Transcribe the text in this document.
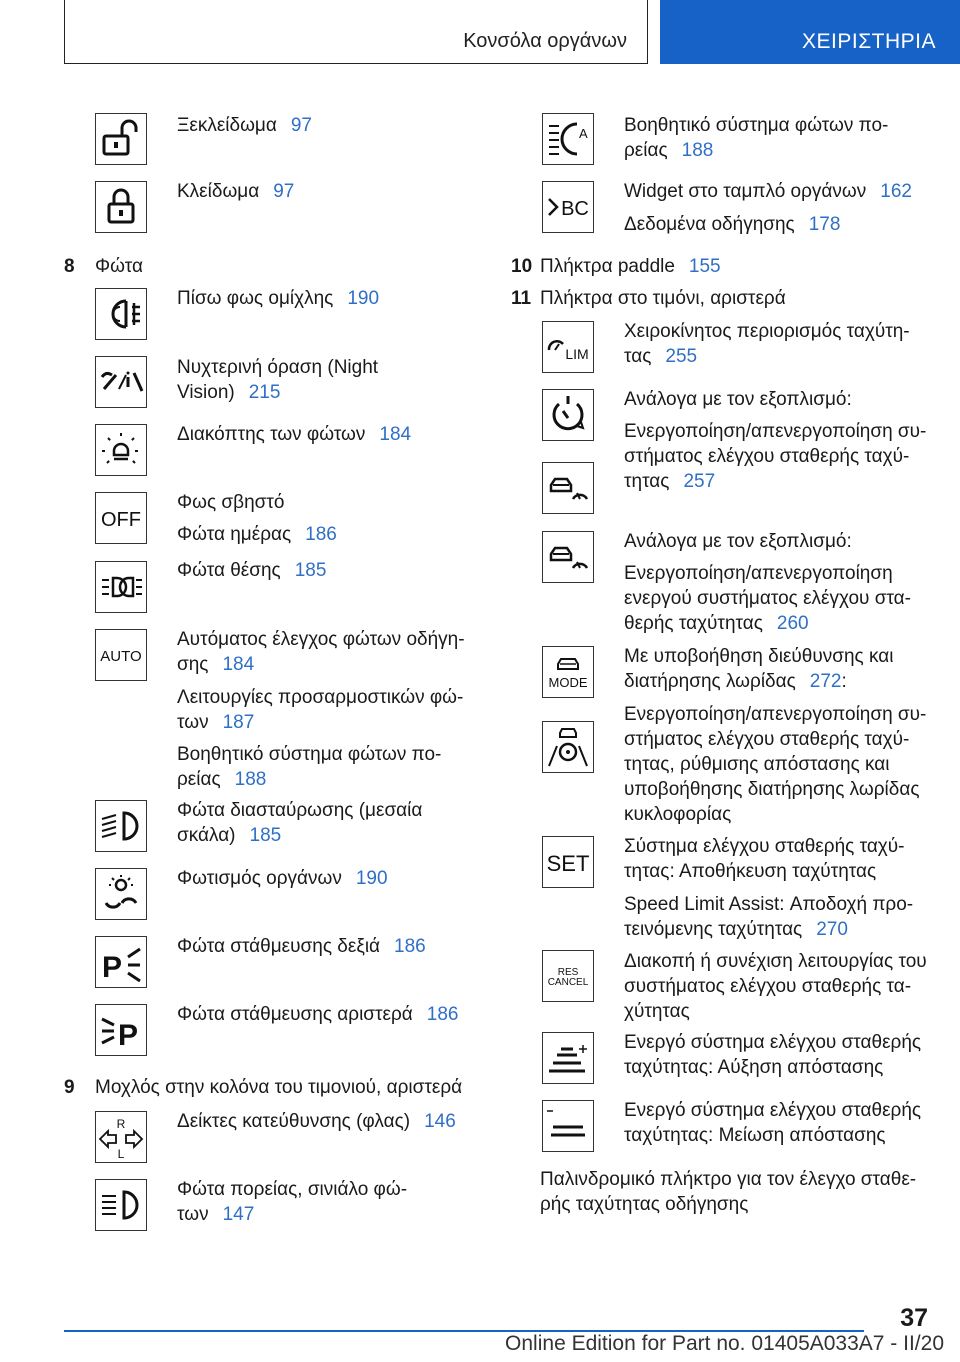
Κονσόλα οργάνων	ΧΕΙΡΙΣΤΗΡΙΑ
Ξεκλείδωμα 97
Κλείδωμα 97
8 Φώτα
Πίσω φως ομίχλης 190
Νυχτερινή όραση (Night
Vision) 215
Διακόπτης των φώτων 184
OFF
Φως σβηστό
Φώτα ημέρας 186
Φώτα θέσης 185
AUTO
Αυτόματος έλεγχος φώτων οδήγη-
σης 184
Λειτουργίες προσαρμοστικών φώ-
των 187
Βοηθητικό σύστημα φώτων πο-
ρείας 188
Φώτα διασταύρωσης (μεσαία
σκάλα) 185
Φωτισμός οργάνων 190
P
Φώτα στάθμευσης δεξιά 186
P
Φώτα στάθμευσης αριστερά 186
9 Μοχλός στην κολόνα του τιμονιού, αριστερά
R
L
Δείκτες κατεύθυνσης (φλας) 146
Φώτα πορείας, σινιάλο φώ-
των 147
A Βοηθητικό σύστημα φώτων πο-
ρείας 188
BC
Widget στο ταμπλό οργάνων 162
Δεδομένα οδήγησης 178
10 Πλήκτρα paddle 155
11 Πλήκτρα στο τιμόνι, αριστερά
LIM
Χειροκίνητος περιορισμός ταχύτη-
τας 255
Ανάλογα με τον εξοπλισμό:
Ενεργοποίηση/απενεργοποίηση συ-
στήματος ελέγχου σταθερής ταχύ-
τητας 257
Ανάλογα με τον εξοπλισμό:
Ενεργοποίηση/απενεργοποίηση
ενεργού συστήματος ελέγχου στα-
θερής ταχύτητας 260
MODE
Με υποβοήθηση διεύθυνσης και
διατήρησης λωρίδας 272:
Ενεργοποίηση/απενεργοποίηση συ-
στήματος ελέγχου σταθερής ταχύ-
τητας, ρύθμισης απόστασης και
υποβοήθησης διατήρησης λωρίδας
κυκλοφορίας
SET
Σύστημα ελέγχου σταθερής ταχύ-
τητας: Αποθήκευση ταχύτητας
Speed Limit Assist: Αποδοχή προ-
τεινόμενης ταχύτητας 270
RES
CANCEL
Διακοπή ή συνέχιση λειτουργίας του
συστήματος ελέγχου σταθερής τα-
χύτητας
Ενεργό σύστημα ελέγχου σταθερής
ταχύτητας: Αύξηση απόστασης
Ενεργό σύστημα ελέγχου σταθερής
ταχύτητας: Μείωση απόστασης
Παλινδρομικό πλήκτρο για τον έλεγχο σταθε-
ρής ταχύτητας οδήγησης
37
Online Edition for Part no. 01405A033A7 - II/20
